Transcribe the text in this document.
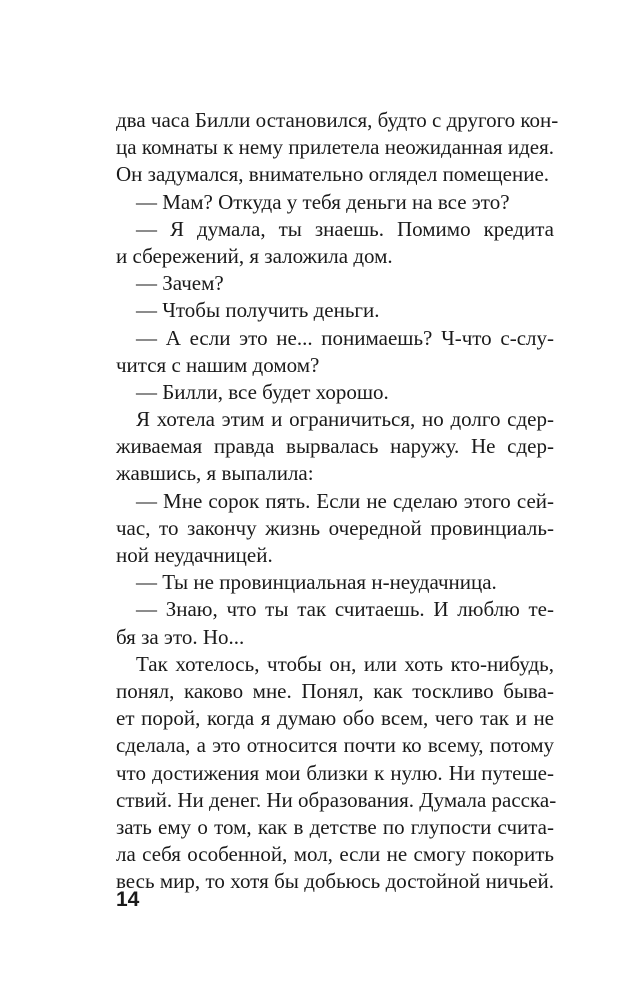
два часа Билли остановился, будто с другого кон-
ца комнаты к нему прилетела неожиданная идея.
Он задумался, внимательно оглядел помещение.
— Мам? Откуда у тебя деньги на все это?
— Я думала, ты знаешь. Помимо кредита
и сбережений, я заложила дом.
— Зачем?
— Чтобы получить деньги.
— А если это не... понимаешь? Ч-что с-слу-
чится с нашим домом?
— Билли, все будет хорошо.
Я хотела этим и ограничиться, но долго сдер-
живаемая правда вырвалась наружу. Не сдер-
жавшись, я выпалила:
— Мне сорок пять. Если не сделаю этого сей-
час, то закончу жизнь очередной провинциаль-
ной неудачницей.
— Ты не провинциальная н-неудачница.
— Знаю, что ты так считаешь. И люблю те-
бя за это. Но...
Так хотелось, чтобы он, или хоть кто-нибудь,
понял, каково мне. Понял, как тоскливо быва-
ет порой, когда я думаю обо всем, чего так и не
сделала, а это относится почти ко всему, потому
что достижения мои близки к нулю. Ни путеше-
ствий. Ни денег. Ни образования. Думала расска-
зать ему о том, как в детстве по глупости счита-
ла себя особенной, мол, если не смогу покорить
весь мир, то хотя бы добьюсь достойной ничьей.
14
